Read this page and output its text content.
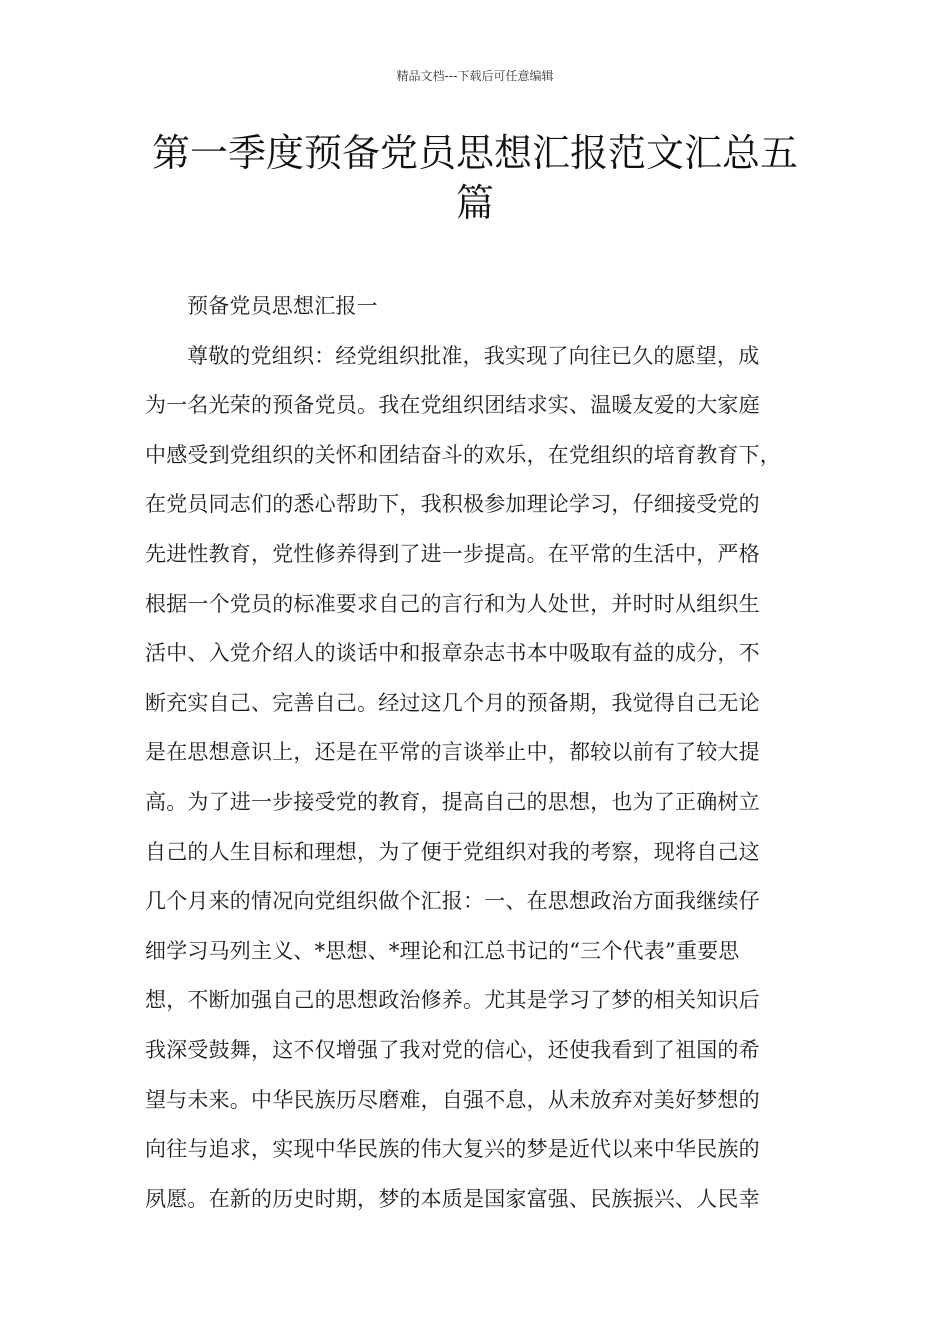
精品文档---下载后可任意编辑
第一季度预备党员思想汇报范文汇总五
篇
预备党员思想汇报一
尊敬的党组织：经党组织批准，我实现了向往已久的愿望，成
为一名光荣的预备党员。我在党组织团结求实、温暖友爱的大家庭
中感受到党组织的关怀和团结奋斗的欢乐，在党组织的培育教育下，
在党员同志们的悉心帮助下，我积极参加理论学习，仔细接受党的
先进性教育，党性修养得到了进一步提高。在平常的生活中，严格
根据一个党员的标准要求自己的言行和为人处世，并时时从组织生
活中、入党介绍人的谈话中和报章杂志书本中吸取有益的成分，不
断充实自己、完善自己。经过这几个月的预备期，我觉得自己无论
是在思想意识上，还是在平常的言谈举止中，都较以前有了较大提
高。为了进一步接受党的教育，提高自己的思想，也为了正确树立
自己的人生目标和理想，为了便于党组织对我的考察，现将自己这
几个月来的情况向党组织做个汇报：一、在思想政治方面我继续仔
细学习马列主义、*思想、*理论和江总书记的“三个代表”重要思
想，不断加强自己的思想政治修养。尤其是学习了梦的相关知识后
我深受鼓舞，这不仅增强了我对党的信心，还使我看到了祖国的希
望与未来。中华民族历尽磨难，自强不息，从未放弃对美好梦想的
向往与追求，实现中华民族的伟大复兴的梦是近代以来中华民族的
夙愿。在新的历史时期，梦的本质是国家富强、民族振兴、人民幸
